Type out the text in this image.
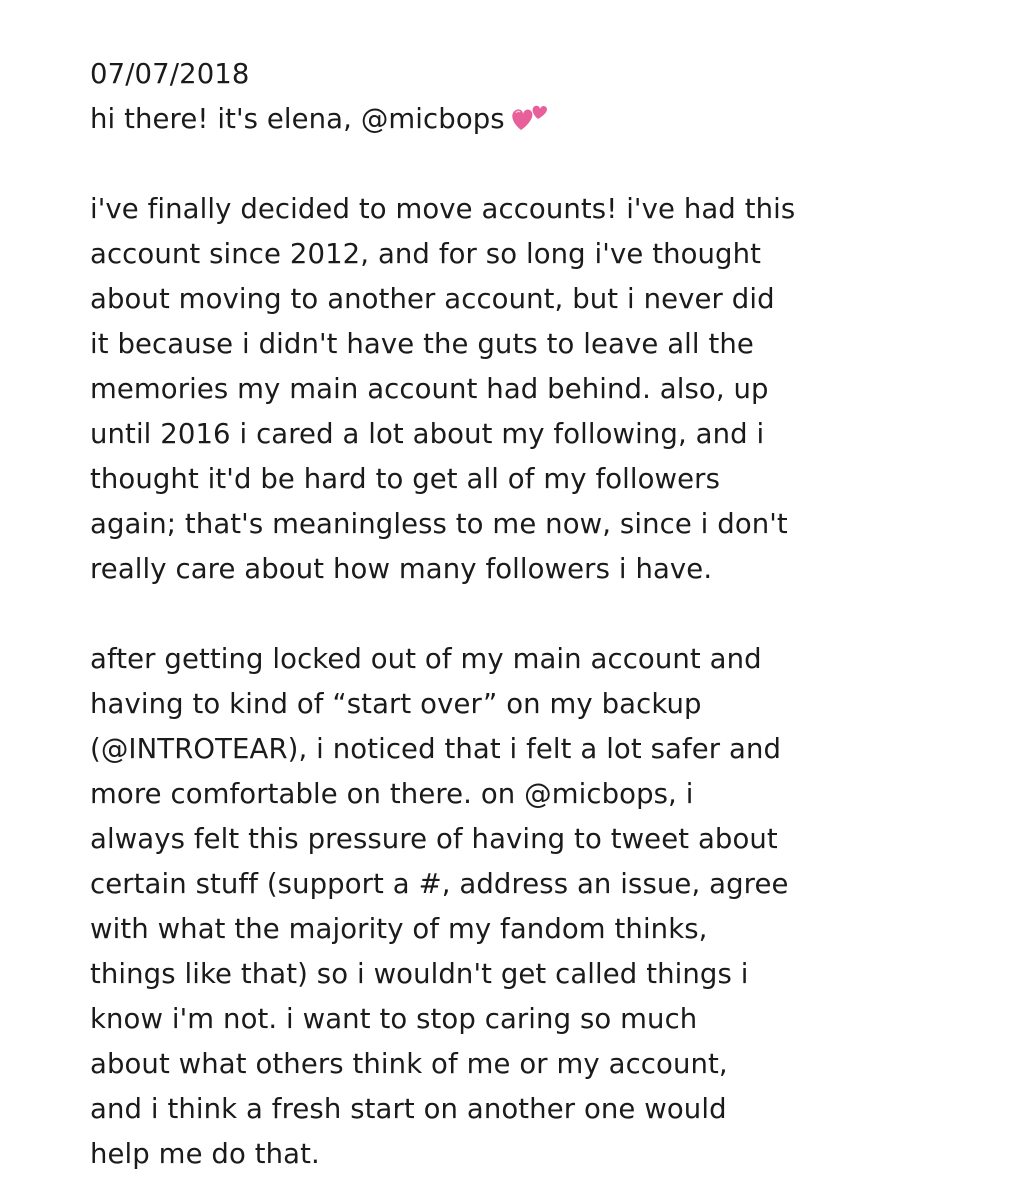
07/07/2018
hi there! it's elena, @micbops
i've finally decided to move accounts! i've had this
account since 2012, and for so long i've thought
about moving to another account, but i never did
it because i didn't have the guts to leave all the
memories my main account had behind. also, up
until 2016 i cared a lot about my following, and i
thought it'd be hard to get all of my followers
again; that's meaningless to me now, since i don't
really care about how many followers i have.
after getting locked out of my main account and
having to kind of “start over” on my backup
(@INTROTEAR), i noticed that i felt a lot safer and
more comfortable on there. on @micbops, i
always felt this pressure of having to tweet about
certain stuff (support a #, address an issue, agree
with what the majority of my fandom thinks,
things like that) so i wouldn't get called things i
know i'm not. i want to stop caring so much
about what others think of me or my account,
and i think a fresh start on another one would
help me do that.
